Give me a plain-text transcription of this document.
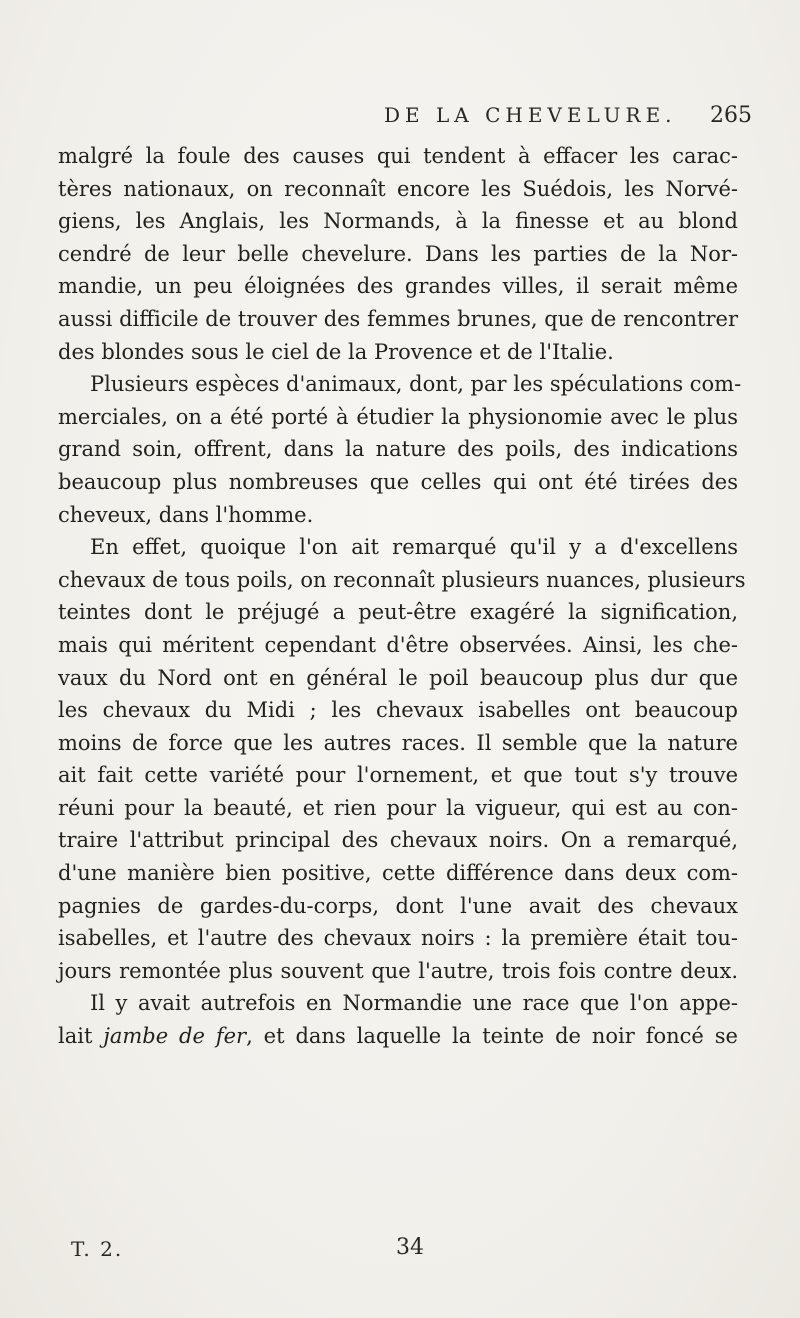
DE LA CHEVELURE. 265
malgré la foule des causes qui tendent à effacer les carac-
tères nationaux, on reconnaît encore les Suédois, les Norvé-
giens, les Anglais, les Normands, à la finesse et au blond
cendré de leur belle chevelure. Dans les parties de la Nor-
mandie, un peu éloignées des grandes villes, il serait même
aussi difficile de trouver des femmes brunes, que de rencontrer
des blondes sous le ciel de la Provence et de l'Italie.
Plusieurs espèces d'animaux, dont, par les spéculations com-
merciales, on a été porté à étudier la physionomie avec le plus
grand soin, offrent, dans la nature des poils, des indications
beaucoup plus nombreuses que celles qui ont été tirées des
cheveux, dans l'homme.
En effet, quoique l'on ait remarqué qu'il y a d'excellens
chevaux de tous poils, on reconnaît plusieurs nuances, plusieurs
teintes dont le préjugé a peut-être exagéré la signification,
mais qui méritent cependant d'être observées. Ainsi, les che-
vaux du Nord ont en général le poil beaucoup plus dur que
les chevaux du Midi ; les chevaux isabelles ont beaucoup
moins de force que les autres races. Il semble que la nature
ait fait cette variété pour l'ornement, et que tout s'y trouve
réuni pour la beauté, et rien pour la vigueur, qui est au con-
traire l'attribut principal des chevaux noirs. On a remarqué,
d'une manière bien positive, cette différence dans deux com-
pagnies de gardes-du-corps, dont l'une avait des chevaux
isabelles, et l'autre des chevaux noirs : la première était tou-
jours remontée plus souvent que l'autre, trois fois contre deux.
Il y avait autrefois en Normandie une race que l'on appe-
lait jambe de fer, et dans laquelle la teinte de noir foncé se
T. 2.	34
